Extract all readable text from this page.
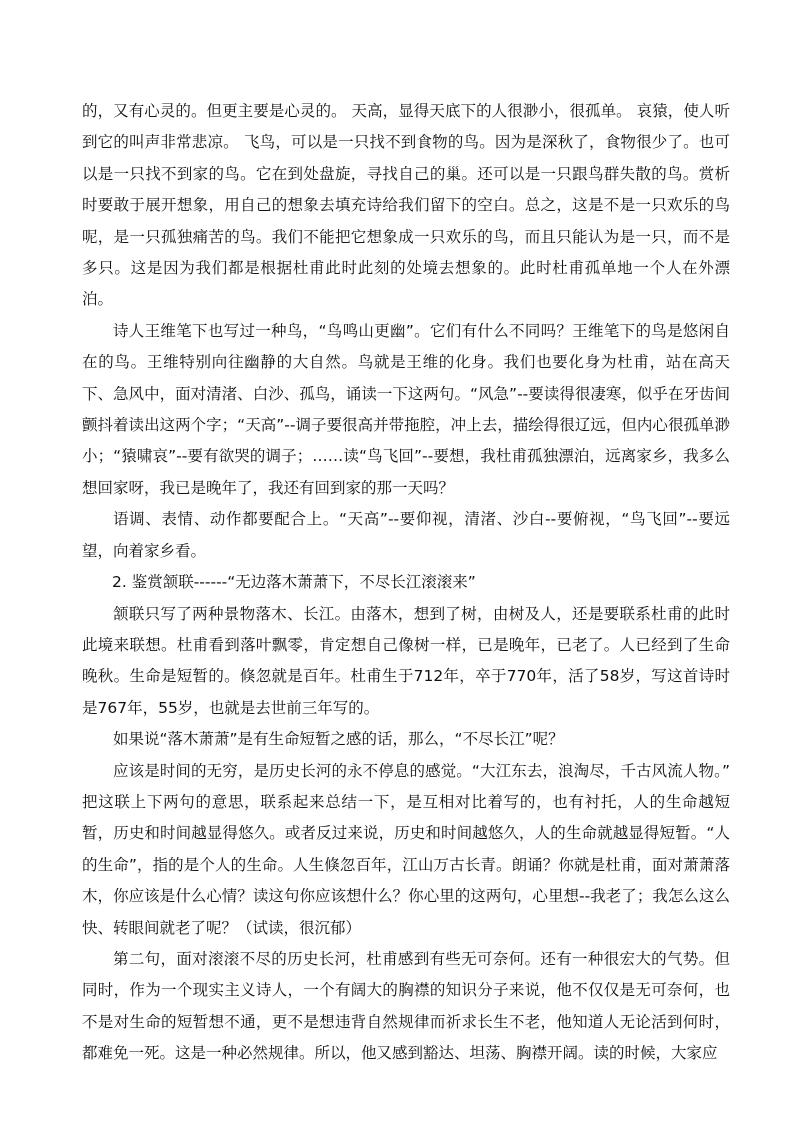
的，又有心灵的。但更主要是心灵的。 天高，显得天底下的人很渺小，很孤单。 哀猿，使人听到它的叫声非常悲凉。 飞鸟，可以是一只找不到食物的鸟。因为是深秋了，食物很少了。也可以是一只找不到家的鸟。它在到处盘旋，寻找自己的巢。还可以是一只跟鸟群失散的鸟。赏析时要敢于展开想象，用自己的想象去填充诗给我们留下的空白。总之，这是不是一只欢乐的鸟呢，是一只孤独痛苦的鸟。我们不能把它想象成一只欢乐的鸟，而且只能认为是一只，而不是多只。这是因为我们都是根据杜甫此时此刻的处境去想象的。此时杜甫孤单地一个人在外漂泊。

诗人王维笔下也写过一种鸟，“鸟鸣山更幽”。它们有什么不同吗？王维笔下的鸟是悠闲自在的鸟。王维特别向往幽静的大自然。鸟就是王维的化身。我们也要化身为杜甫，站在高天下、急风中，面对清渚、白沙、孤鸟，诵读一下这两句。“风急”--要读得很凄寒，似乎在牙齿间颤抖着读出这两个字；“天高”--调子要很高并带拖腔，冲上去，描绘得很辽远，但内心很孤单渺小；“猿啸哀”--要有欲哭的调子；……读“鸟飞回”--要想，我杜甫孤独漂泊，远离家乡，我多么想回家呀，我已是晚年了，我还有回到家的那一天吗？

语调、表情、动作都要配合上。“天高”--要仰视，清渚、沙白--要俯视，“鸟飞回”--要远望，向着家乡看。

2. 鉴赏颔联------“无边落木萧萧下，不尽长江滚滚来”

颔联只写了两种景物落木、长江。由落木，想到了树，由树及人，还是要联系杜甫的此时此境来联想。杜甫看到落叶飘零，肯定想自己像树一样，已是晚年，已老了。人已经到了生命晚秋。生命是短暂的。倏忽就是百年。杜甫生于712年，卒于770年，活了58岁，写这首诗时是767年，55岁，也就是去世前三年写的。

如果说“落木萧萧”是有生命短暂之感的话，那么，“不尽长江”呢？

应该是时间的无穷，是历史长河的永不停息的感觉。“大江东去，浪淘尽，千古风流人物。” 把这联上下两句的意思，联系起来总结一下，是互相对比着写的，也有衬托，人的生命越短暂，历史和时间越显得悠久。或者反过来说，历史和时间越悠久，人的生命就越显得短暂。“人的生命”，指的是个人的生命。人生倏忽百年，江山万古长青。朗诵？你就是杜甫，面对萧萧落木，你应该是什么心情？读这句你应该想什么？你心里的这两句，心里想--我老了；我怎么这么快、转眼间就老了呢？（试读，很沉郁）

第二句，面对滚滚不尽的历史长河，杜甫感到有些无可奈何。还有一种很宏大的气势。但同时，作为一个现实主义诗人，一个有阔大的胸襟的知识分子来说，他不仅仅是无可奈何，也不是对生命的短暂想不通，更不是想违背自然规律而祈求长生不老，他知道人无论活到何时，都难免一死。这是一种必然规律。所以，他又感到豁达、坦荡、胸襟开阔。读的时候，大家应
